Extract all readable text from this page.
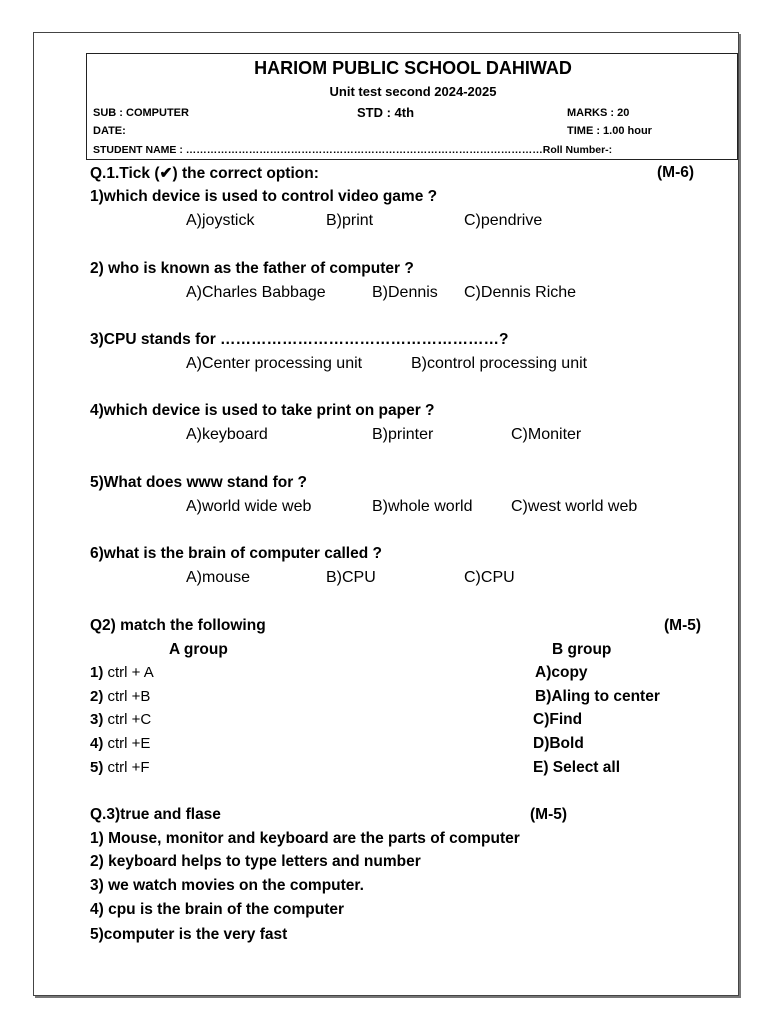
HARIOM PUBLIC SCHOOL DAHIWAD
Unit test second 2024-2025
SUB : COMPUTER	STD : 4th	MARKS : 20
DATE:	TIME : 1.00 hour
STUDENT NAME : …………………………………………………………………………………………Roll Number-:
Q.1.Tick (✔) the correct option:	(M-6)
1)which device is used to control video game ?
A)joystick	B)print	C)pendrive
2) who is known as the father of computer ?
A)Charles Babbage	B)Dennis C)Dennis Riche
3)CPU stands for ………………………………………………?
A)Center processing unit	B)control processing unit
4)which device is used to take print on paper ?
A)keyboard	B)printer	C)Moniter
5)What does www stand for ?
A)world wide web	B)whole world C)west world web
6)what is the brain of computer called ?
A)mouse	B)CPU	C)CPU
Q2) match the following	(M-5)
A group	B group
1) ctrl + A	A)copy
2) ctrl +B	B)Aling to center
3) ctrl +C	C)Find
4) ctrl +E	D)Bold
5) ctrl +F	E) Select all
Q.3)true and flase	(M-5)
1) Mouse, monitor and keyboard are the parts of computer
2) keyboard helps to type letters and number
3) we watch movies on the computer.
4) cpu is the brain of the computer
5)computer is the very fast
